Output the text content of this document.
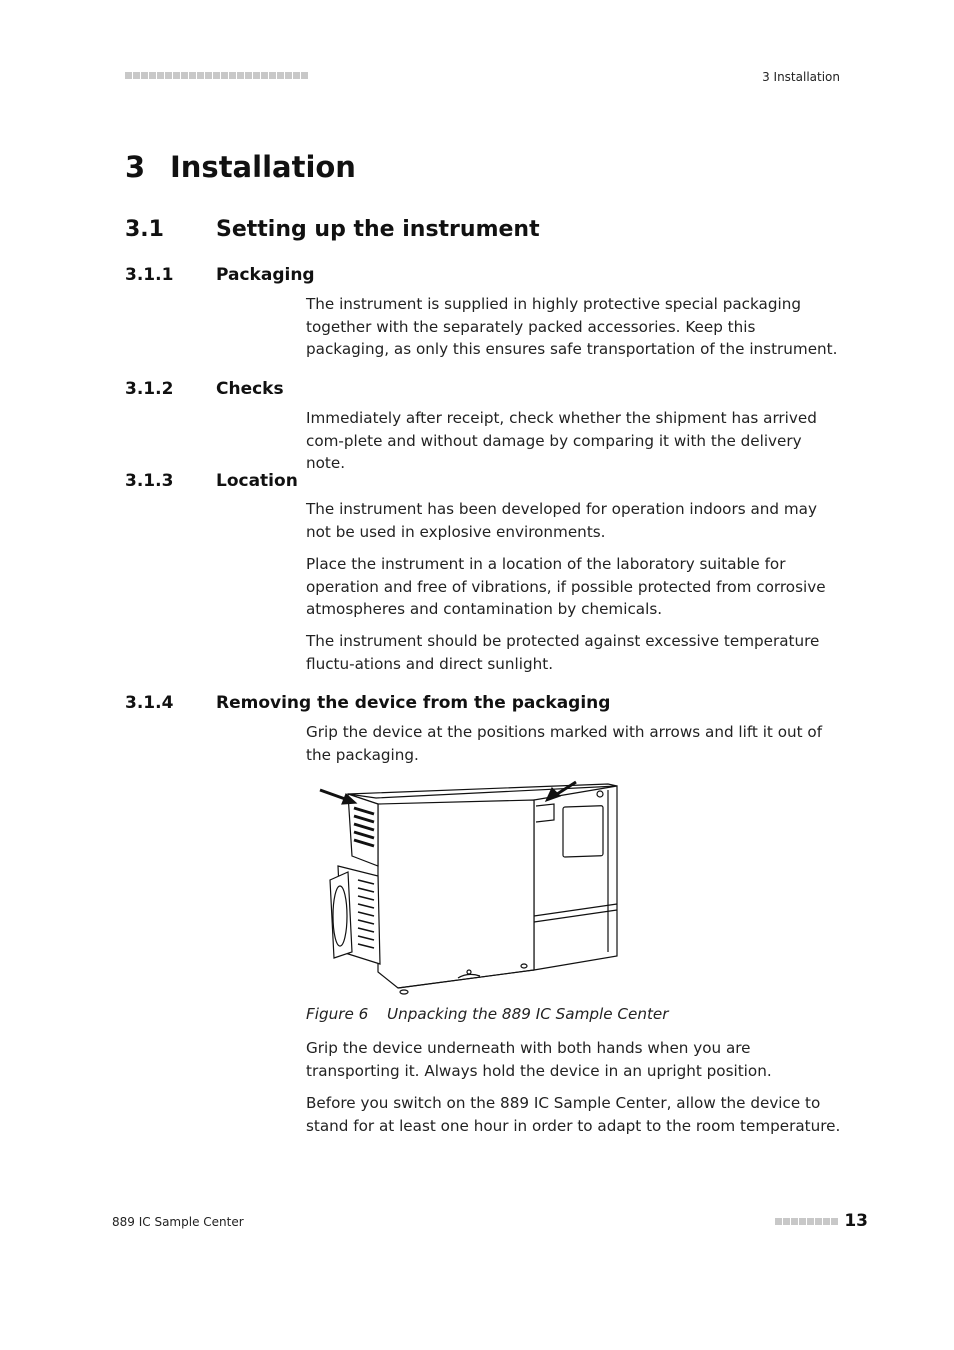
3 Installation
3 Installation
3.1 Setting up the instrument
3.1.1	Packaging
The instrument is supplied in highly protective special packaging together with the separately packed accessories. Keep this packaging, as only this ensures safe transportation of the instrument.
3.1.2	Checks
Immediately after receipt, check whether the shipment has arrived com-plete and without damage by comparing it with the delivery note.
3.1.3	Location
The instrument has been developed for operation indoors and may not be used in explosive environments.
Place the instrument in a location of the laboratory suitable for operation and free of vibrations, if possible protected from corrosive atmospheres and contamination by chemicals.
The instrument should be protected against excessive temperature fluctu-ations and direct sunlight.
3.1.4	Removing the device from the packaging
Grip the device at the positions marked with arrows and lift it out of the packaging.
Figure 6 Unpacking the 889 IC Sample Center
Grip the device underneath with both hands when you are transporting it. Always hold the device in an upright position.
Before you switch on the 889 IC Sample Center, allow the device to stand for at least one hour in order to adapt to the room temperature.
889 IC Sample Center	13
